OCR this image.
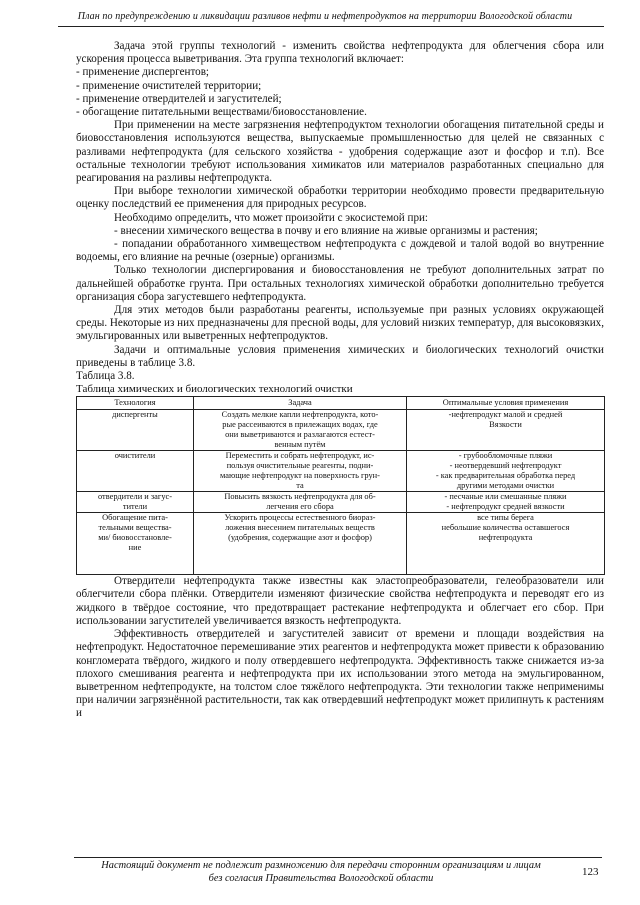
План по предупреждению и ликвидации разливов нефти и нефтепродуктов на территории Вологодской области

Задача этой группы технологий - изменить свойства нефтепродукта для облегчения сбора или ускорения процесса выветривания. Эта группа технологий включает:

- применение диспергентов;

- применение очистителей территории;

- применение отвердителей и загустителей;

- обогащение питательными веществами/биовосстановление.

При применении на месте загрязнения нефтепродуктом технологии обогащения питательной среды и биовосстановления используются вещества, выпускаемые промышленностью для целей не связанных с разливами нефтепродукта (для сельского хозяйства - удобрения содержащие азот и фосфор и т.п). Все остальные технологии требуют использования химикатов или материалов разработанных специально для реагирования на разливы нефтепродукта.

При выборе технологии химической обработки территории необходимо провести предварительную оценку последствий ее применения для природных ресурсов.

Необходимо определить, что может произойти с экосистемой при:

- внесении химического вещества в почву и его влияние на живые организмы и растения;

- попадании обработанного химвеществом нефтепродукта с дождевой и талой водой во внутренние водоемы, его влияние на речные (озерные) организмы.

Только технологии диспергирования и биовосстановления не требуют дополнительных затрат по дальнейшей обработке грунта. При остальных технологиях химической обработки дополнительно требуется организация сбора загустевшего нефтепродукта.

Для этих методов были разработаны реагенты, используемые при разных условиях окружающей среды. Некоторые из них предназначены для пресной воды, для условий низких температур, для высоковязких, эмульгированных или выветренных нефтепродуктов.

Задачи и оптимальные условия применения химических и биологических технологий очистки приведены в таблице 3.8.

Таблица 3.8.

Таблица химических и биологических технологий очистки

Технология	Задача	Оптимальные условия применения

диспергенты	Создать мелкие капли нефтепродукта, кото-
рые рассеиваются в прилежащих водах, где
они выветриваются и разлагаются естест-
венным путём	-нефтепродукт малой и средней
Вязкости

очистители	Переместить и собрать нефтепродукт, ис-
пользуя очистительные реагенты, подни-
мающие нефтепродукт на поверхность грун-
та	- грубообломочные пляжи
- неотвердевший нефтепродукт
- как предварительная обработка перед
другими методами очистки

отвердители и загус-
тители	Повысить вязкость нефтепродукта для об-
легчения его сбора	- песчаные или смешанные пляжи
- нефтепродукт средней вязкости

Обогащение пита-
тельными вещества-
ми/ биовосстановле-
ние	Ускорить процессы естественного биораз-
ложения внесением питательных веществ
(удобрения, содержащие азот и фосфор)	все типы берега
небольшие количества оставшегося
нефтепродукта

Отвердители нефтепродукта также известны как эластопреобразователи, гелеобразователи или облегчители сбора плёнки. Отвердители изменяют физические свойства нефтепродукта и переводят его из жидкого в твёрдое состояние, что предотвращает растекание нефтепродукта и облегчает его сбор. При использовании загустителей увеличивается вязкость нефтепродукта.

Эффективность отвердителей и загустителей зависит от времени и площади воздействия на нефтепродукт. Недостаточное перемешивание этих реагентов и нефтепродукта может привести к образованию конгломерата твёрдого, жидкого и полу отвердевшего нефтепродукта. Эффективность также снижается из-за плохого смешивания реагента и нефтепродукта при их использовании этого метода на эмульгированном, выветренном нефтепродукте, на толстом слое тяжёлого нефтепродукта. Эти технологии также неприменимы при наличии загрязнённой растительности, так как отвердевший нефтепродукт может прилипнуть к растениям и

Настоящий документ не подлежит размножению для передачи сторонним организациям и лицам
без согласия Правительства Вологодской области	123
